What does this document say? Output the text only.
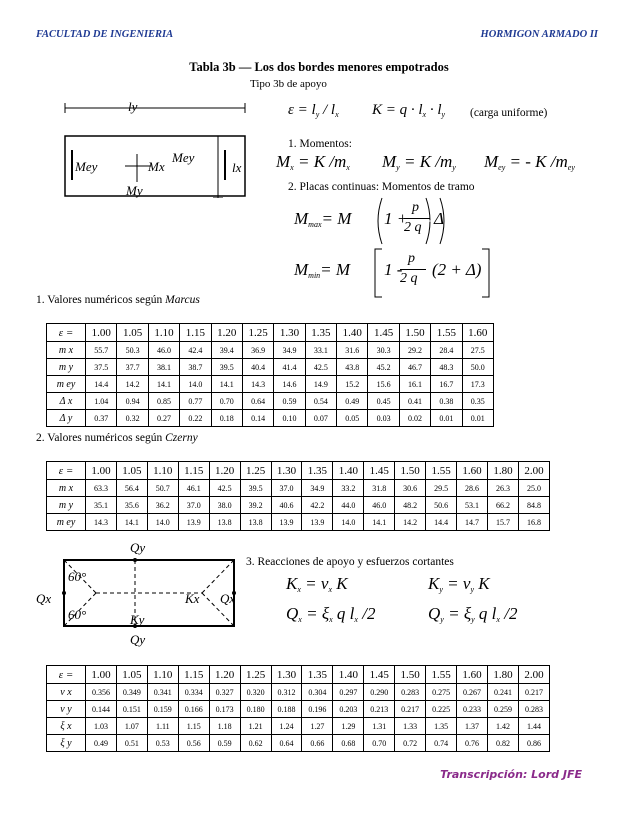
FACULTAD DE INGENIERIA	HORMIGON ARMADO II
Tabla 3b — Los dos bordes menores empotrados
Tipo 3b de apoyo
ly
lx
Mey	Mx
Mey
My
$\varepsilon = l_y / l_x$ $K = q \cdot l_x \cdot l_y$ (carga uniforme)
1. Momentos:
$M_x = K$ $/m_x$ $M_y = K$ $/m_y$ $M_{ey}$ = - K $/m_{ey}$
2. Placas continuas: Momentos de tramo
$M_{max}= M$ 1 +
p
2 q Δ
$M_{min}= M$ 1 -
p
2 q (2 + Δ)
1. Valores numéricos según Marcus
ε =	1.00	1.05	1.10	1.15	1.20	1.25	1.30	1.35	1.40	1.45	1.50	1.55	1.60
m x	55.7	50.3	46.0	42.4	39.4	36.9	34.9	33.1	31.6	30.3	29.2	28.4	27.5
m y	37.5	37.7	38.1	38.7	39.5	40.4	41.4	42.5	43.8	45.2	46.7	48.3	50.0
m ey	14.4	14.2	14.1	14.0	14.1	14.3	14.6	14.9	15.2	15.6	16.1	16.7	17.3
Δ x	1.04	0.94	0.85	0.77	0.70	0.64	0.59	0.54	0.49	0.45	0.41	0.38	0.35
Δ y	0.37	0.32	0.27	0.22	0.18	0.14	0.10	0.07	0.05	0.03	0.02	0.01	0.01
2. Valores numéricos según Czerny
ε =	1.00	1.05	1.10	1.15	1.20	1.25	1.30	1.35	1.40	1.45	1.50	1.55	1.60	1.80	2.00
m x	63.3	56.4	50.7	46.1	42.5	39.5	37.0	34.9	33.2	31.8	30.6	29.5	28.6	26.3	25.0
m y	35.1	35.6	36.2	37.0	38.0	39.2	40.6	42.2	44.0	46.0	48.2	50.6	53.1	66.2	84.8
m ey	14.3	14.1	14.0	13.9	13.8	13.8	13.9	13.9	14.0	14.1	14.2	14.4	14.7	15.7	16.8
Qy
Qx
60°
60°
Kx Qx
Ky
Qy
3. Reacciones de apoyo y esfuerzos cortantes
$K_x = v_x$ K	$K_y = v_y$ K
$Q_x = \xi_x$ q $l_x$ /2	$Q_y = \xi_y$ q $l_x$ /2
ε =	1.00	1.05	1.10	1.15	1.20	1.25	1.30	1.35	1.40	1.45	1.50	1.55	1.60	1.80	2.00
v x	0.356	0.349	0.341	0.334	0.327	0.320	0.312	0.304	0.297	0.290	0.283	0.275	0.267	0.241	0.217
v y	0.144	0.151	0.159	0.166	0.173	0.180	0.188	0.196	0.203	0.213	0.217	0.225	0.233	0.259	0.283
ξ x	1.03	1.07	1.11	1.15	1.18	1.21	1.24	1.27	1.29	1.31	1.33	1.35	1.37	1.42	1.44
ξ y	0.49	0.51	0.53	0.56	0.59	0.62	0.64	0.66	0.68	0.70	0.72	0.74	0.76	0.82	0.86
Transcripción: Lord JFE
